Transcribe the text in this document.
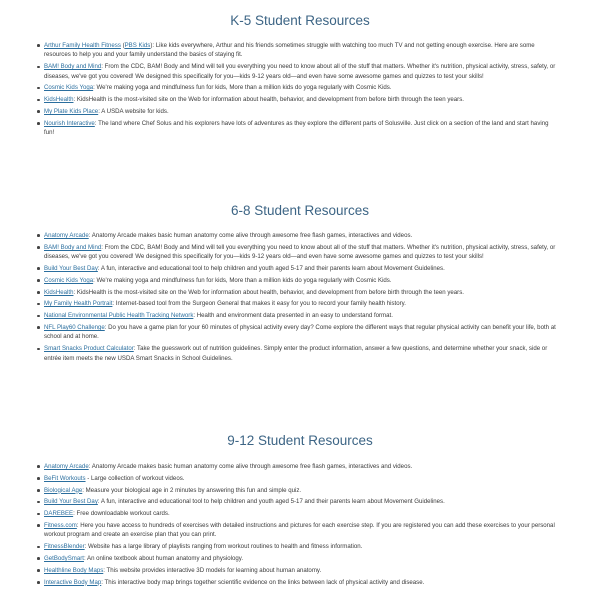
K-5 Student Resources
Arthur Family Health Fitness (PBS Kids): Like kids everywhere, Arthur and his friends sometimes struggle with watching too much TV and not getting enough exercise. Here are some resources to help you and your family understand the basics of staying fit.
BAM! Body and Mind: From the CDC, BAM! Body and Mind will tell you everything you need to know about all of the stuff that matters. Whether it's nutrition, physical activity, stress, safety, or diseases, we've got you covered! We designed this specifically for you—kids 9-12 years old—and even have some awesome games and quizzes to test your skills!
Cosmic Kids Yoga: We're making yoga and mindfulness fun for kids, More than a million kids do yoga regularly with Cosmic Kids.
KidsHealth: KidsHealth is the most-visited site on the Web for information about health, behavior, and development from before birth through the teen years.
My Plate Kids Place: A USDA website for kids.
Nourish Interactive: The land where Chef Solus and his explorers have lots of adventures as they explore the different parts of Solusville. Just click on a section of the land and start having fun!
6-8 Student Resources
Anatomy Arcade: Anatomy Arcade makes basic human anatomy come alive through awesome free flash games, interactives and videos.
BAM! Body and Mind: From the CDC, BAM! Body and Mind will tell you everything you need to know about all of the stuff that matters. Whether it's nutrition, physical activity, stress, safety, or diseases, we've got you covered! We designed this specifically for you—kids 9-12 years old—and even have some awesome games and quizzes to test your skills!
Build Your Best Day: A fun, interactive and educational tool to help children and youth aged 5-17 and their parents learn about Movement Guidelines.
Cosmic Kids Yoga: We're making yoga and mindfulness fun for kids, More than a million kids do yoga regularly with Cosmic Kids.
KidsHealth: KidsHealth is the most-visited site on the Web for information about health, behavior, and development from before birth through the teen years.
My Family Health Portrait: Internet-based tool from the Surgeon General that makes it easy for you to record your family health history.
National Environmental Public Health Tracking Network: Health and environment data presented in an easy to understand format.
NFL Play60 Challenge: Do you have a game plan for your 60 minutes of physical activity every day? Come explore the different ways that regular physical activity can benefit your life, both at school and at home.
Smart Snacks Product Calculator: Take the guesswork out of nutrition guidelines. Simply enter the product information, answer a few questions, and determine whether your snack, side or entrée item meets the new USDA Smart Snacks in School Guidelines.
9-12 Student Resources
Anatomy Arcade: Anatomy Arcade makes basic human anatomy come alive through awesome free flash games, interactives and videos.
BeFit Workouts - Large collection of workout videos.
Biological Age: Measure your biological age in 2 minutes by answering this fun and simple quiz.
Build Your Best Day: A fun, interactive and educational tool to help children and youth aged 5-17 and their parents learn about Movement Guidelines.
DAREBEE: Free downloadable workout cards.
Fitness.com: Here you have access to hundreds of exercises with detailed instructions and pictures for each exercise step. If you are registered you can add these exercises to your personal workout program and create an exercise plan that you can print.
FitnessBlender: Website has a large library of playlists ranging from workout routines to health and fitness information.
GetBodySmart: An online textbook about human anatomy and physiology.
Healthline Body Maps: This website provides interactive 3D models for learning about human anatomy.
Interactive Body Map: This interactive body map brings together scientific evidence on the links between lack of physical activity and disease.
